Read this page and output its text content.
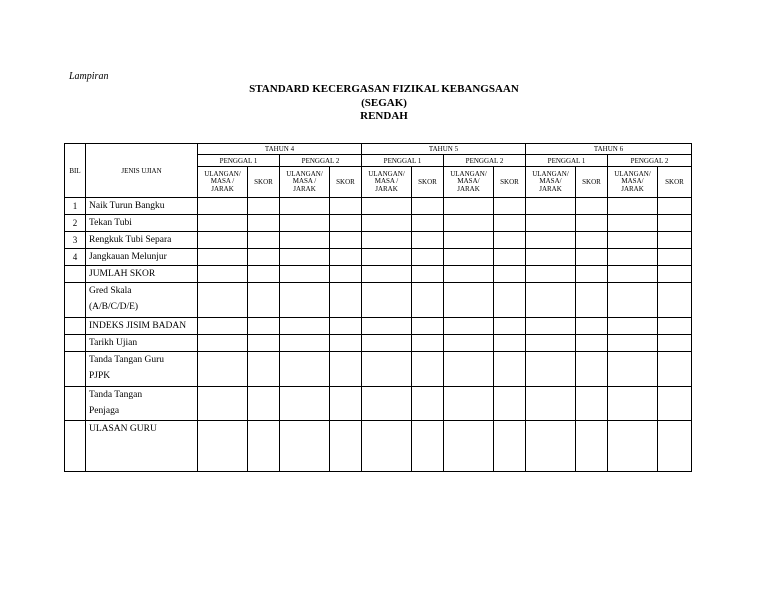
Lampiran
STANDARD KECERGASAN FIZIKAL KEBANGSAAN
(SEGAK)
RENDAH
BIL	JENIS UJIAN	TAHUN 4				TAHUN 5				TAHUN 6			
		PENGGAL 1		PENGGAL 2		PENGGAL 1		PENGGAL 2		PENGGAL 1		PENGGAL 2	
		ULANGAN/
MASA /
JARAK	SKOR	ULANGAN/
MASA /
JARAK	SKOR	ULANGAN/
MASA /
JARAK	SKOR	ULANGAN/
MASA/
JARAK	SKOR	ULANGAN/
MASA/
JARAK	SKOR	ULANGAN/
MASA/
JARAK	SKOR
1	Naik Turun Bangku												
2	Tekan Tubi												
3	Rengkuk Tubi Separa												
4	Jangkauan Melunjur												
	JUMLAH SKOR												

	Gred Skala
(A/B/C/D/E)												

	INDEKS JISIM BADAN												
	Tarikh Ujian												

	Tanda Tangan Guru
PJPK												

	Tanda Tangan
Penjaga												

	ULASAN GURU												
